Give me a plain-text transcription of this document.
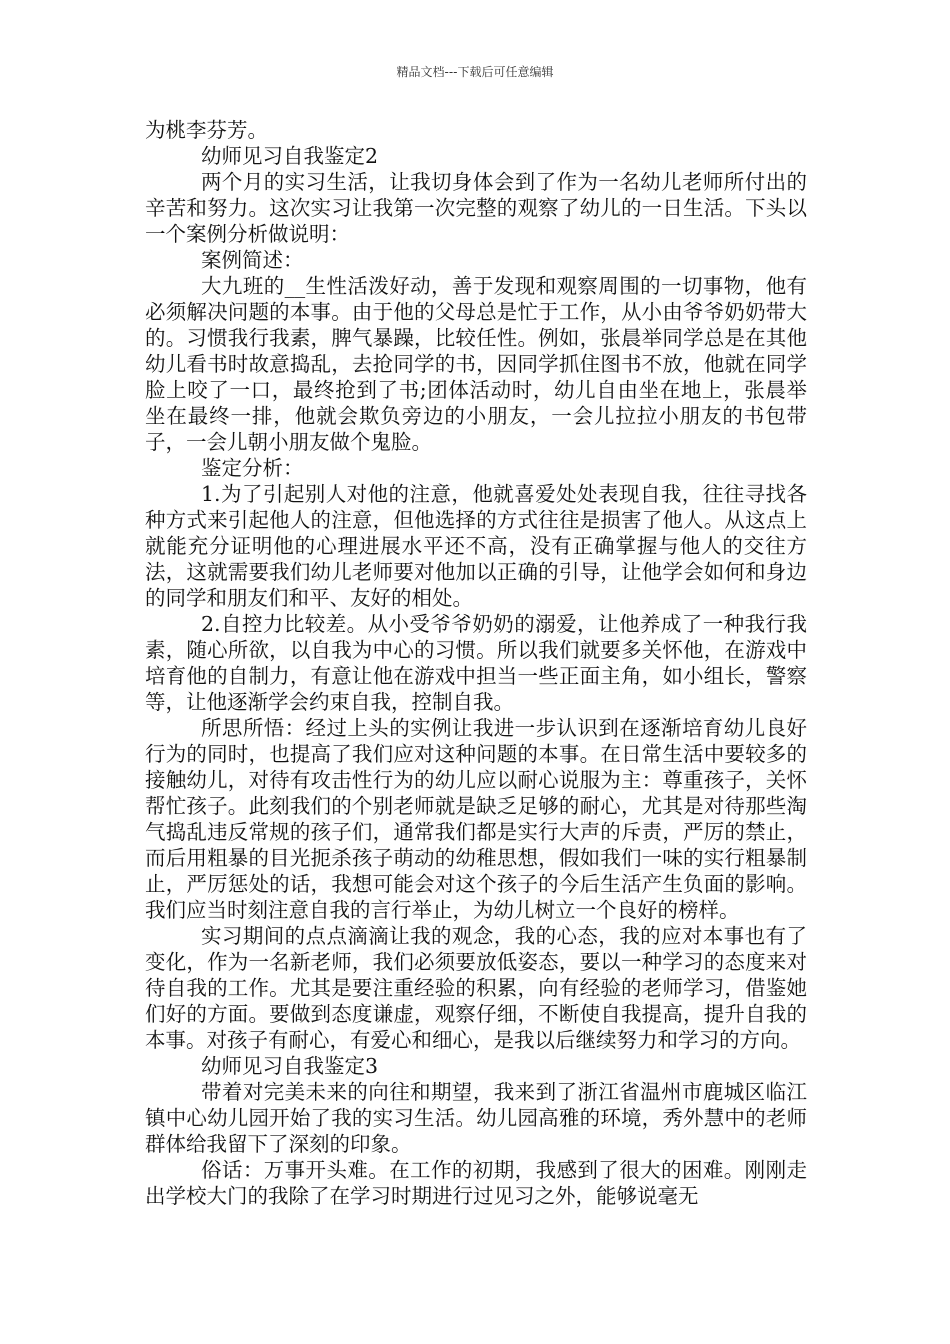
精品文档---下载后可任意编辑

为桃李芬芳。

幼师见习自我鉴定2

两个月的实习生活，让我切身体会到了作为一名幼儿老师所付出的辛苦和努力。这次实习让我第一次完整的观察了幼儿的一日生活。下头以一个案例分析做说明：

案例简述：

大九班的__生性活泼好动，善于发现和观察周围的一切事物，他有必须解决问题的本事。由于他的父母总是忙于工作，从小由爷爷奶奶带大的。习惯我行我素，脾气暴躁，比较任性。例如，张晨举同学总是在其他幼儿看书时故意捣乱，去抢同学的书，因同学抓住图书不放，他就在同学脸上咬了一口，最终抢到了书;团体活动时，幼儿自由坐在地上，张晨举坐在最终一排，他就会欺负旁边的小朋友，一会儿拉拉小朋友的书包带子，一会儿朝小朋友做个鬼脸。

鉴定分析：

1.为了引起别人对他的注意，他就喜爱处处表现自我，往往寻找各种方式来引起他人的注意，但他选择的方式往往是损害了他人。从这点上就能充分证明他的心理进展水平还不高，没有正确掌握与他人的交往方法，这就需要我们幼儿老师要对他加以正确的引导，让他学会如何和身边的同学和朋友们和平、友好的相处。

2.自控力比较差。从小受爷爷奶奶的溺爱，让他养成了一种我行我素，随心所欲，以自我为中心的习惯。所以我们就要多关怀他，在游戏中培育他的自制力，有意让他在游戏中担当一些正面主角，如小组长，警察等，让他逐渐学会约束自我，控制自我。

所思所悟：经过上头的实例让我进一步认识到在逐渐培育幼儿良好行为的同时，也提高了我们应对这种问题的本事。在日常生活中要较多的接触幼儿，对待有攻击性行为的幼儿应以耐心说服为主：尊重孩子，关怀帮忙孩子。此刻我们的个别老师就是缺乏足够的耐心，尤其是对待那些淘气捣乱违反常规的孩子们，通常我们都是实行大声的斥责，严厉的禁止，而后用粗暴的目光扼杀孩子萌动的幼稚思想，假如我们一味的实行粗暴制止，严厉惩处的话，我想可能会对这个孩子的今后生活产生负面的影响。我们应当时刻注意自我的言行举止，为幼儿树立一个良好的榜样。

实习期间的点点滴滴让我的观念，我的心态，我的应对本事也有了变化，作为一名新老师，我们必须要放低姿态，要以一种学习的态度来对待自我的工作。尤其是要注重经验的积累，向有经验的老师学习，借鉴她们好的方面。要做到态度谦虚，观察仔细，不断使自我提高，提升自我的本事。对孩子有耐心，有爱心和细心，是我以后继续努力和学习的方向。

幼师见习自我鉴定3

带着对完美未来的向往和期望，我来到了浙江省温州市鹿城区临江镇中心幼儿园开始了我的实习生活。幼儿园高雅的环境，秀外慧中的老师群体给我留下了深刻的印象。

俗话：万事开头难。在工作的初期，我感到了很大的困难。刚刚走出学校大门的我除了在学习时期进行过见习之外，能够说毫无
